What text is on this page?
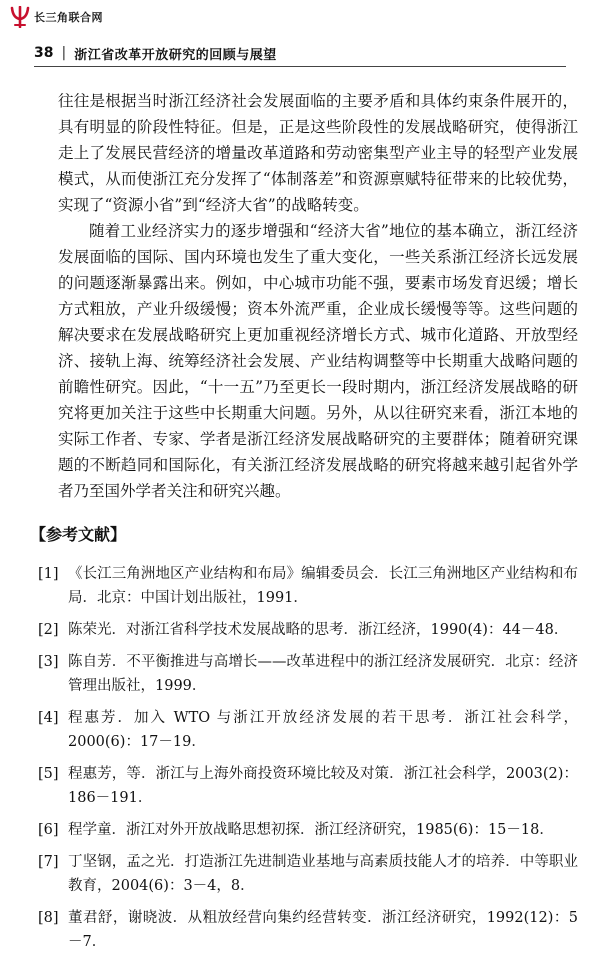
长三角联合网
38 | 浙江省改革开放研究的回顾与展望

往往是根据当时浙江经济社会发展面临的主要矛盾和具体约束条件展开的，具有明显的阶段性特征。但是，正是这些阶段性的发展战略研究，使得浙江走上了发展民营经济的增量改革道路和劳动密集型产业主导的轻型产业发展模式，从而使浙江充分发挥了“体制落差”和资源禀赋特征带来的比较优势，实现了“资源小省”到“经济大省”的战略转变。

随着工业经济实力的逐步增强和“经济大省”地位的基本确立，浙江经济发展面临的国际、国内环境也发生了重大变化，一些关系浙江经济长远发展的问题逐渐暴露出来。例如，中心城市功能不强，要素市场发育迟缓；增长方式粗放，产业升级缓慢；资本外流严重，企业成长缓慢等等。这些问题的解决要求在发展战略研究上更加重视经济增长方式、城市化道路、开放型经济、接轨上海、统筹经济社会发展、产业结构调整等中长期重大战略问题的前瞻性研究。因此，“十一五”乃至更长一段时期内，浙江经济发展战略的研究将更加关注于这些中长期重大问题。另外，从以往研究来看，浙江本地的实际工作者、专家、学者是浙江经济发展战略研究的主要群体；随着研究课题的不断趋同和国际化，有关浙江经济发展战略的研究将越来越引起省外学者乃至国外学者关注和研究兴趣。

【参考文献】
[1] 《长江三角洲地区产业结构和布局》编辑委员会．长江三角洲地区产业结构和布局．北京：中国计划出版社，1991．
[2] 陈荣光．对浙江省科学技术发展战略的思考．浙江经济，1990(4)：44－48．
[3] 陈自芳．不平衡推进与高增长——改革进程中的浙江经济发展研究．北京：经济管理出版社，1999．
[4] 程惠芳．加入 WTO 与浙江开放经济发展的若干思考．浙江社会科学，2000(6)：17－19．
[5] 程惠芳，等．浙江与上海外商投资环境比较及对策．浙江社会科学，2003(2)：186－191．
[6] 程学童．浙江对外开放战略思想初探．浙江经济研究，1985(6)：15－18．
[7] 丁坚钢，孟之光．打造浙江先进制造业基地与高素质技能人才的培养．中等职业教育，2004(6)：3－4，8．
[8] 董君舒，谢晓波．从粗放经营向集约经营转变．浙江经济研究，1992(12)：5－7．
